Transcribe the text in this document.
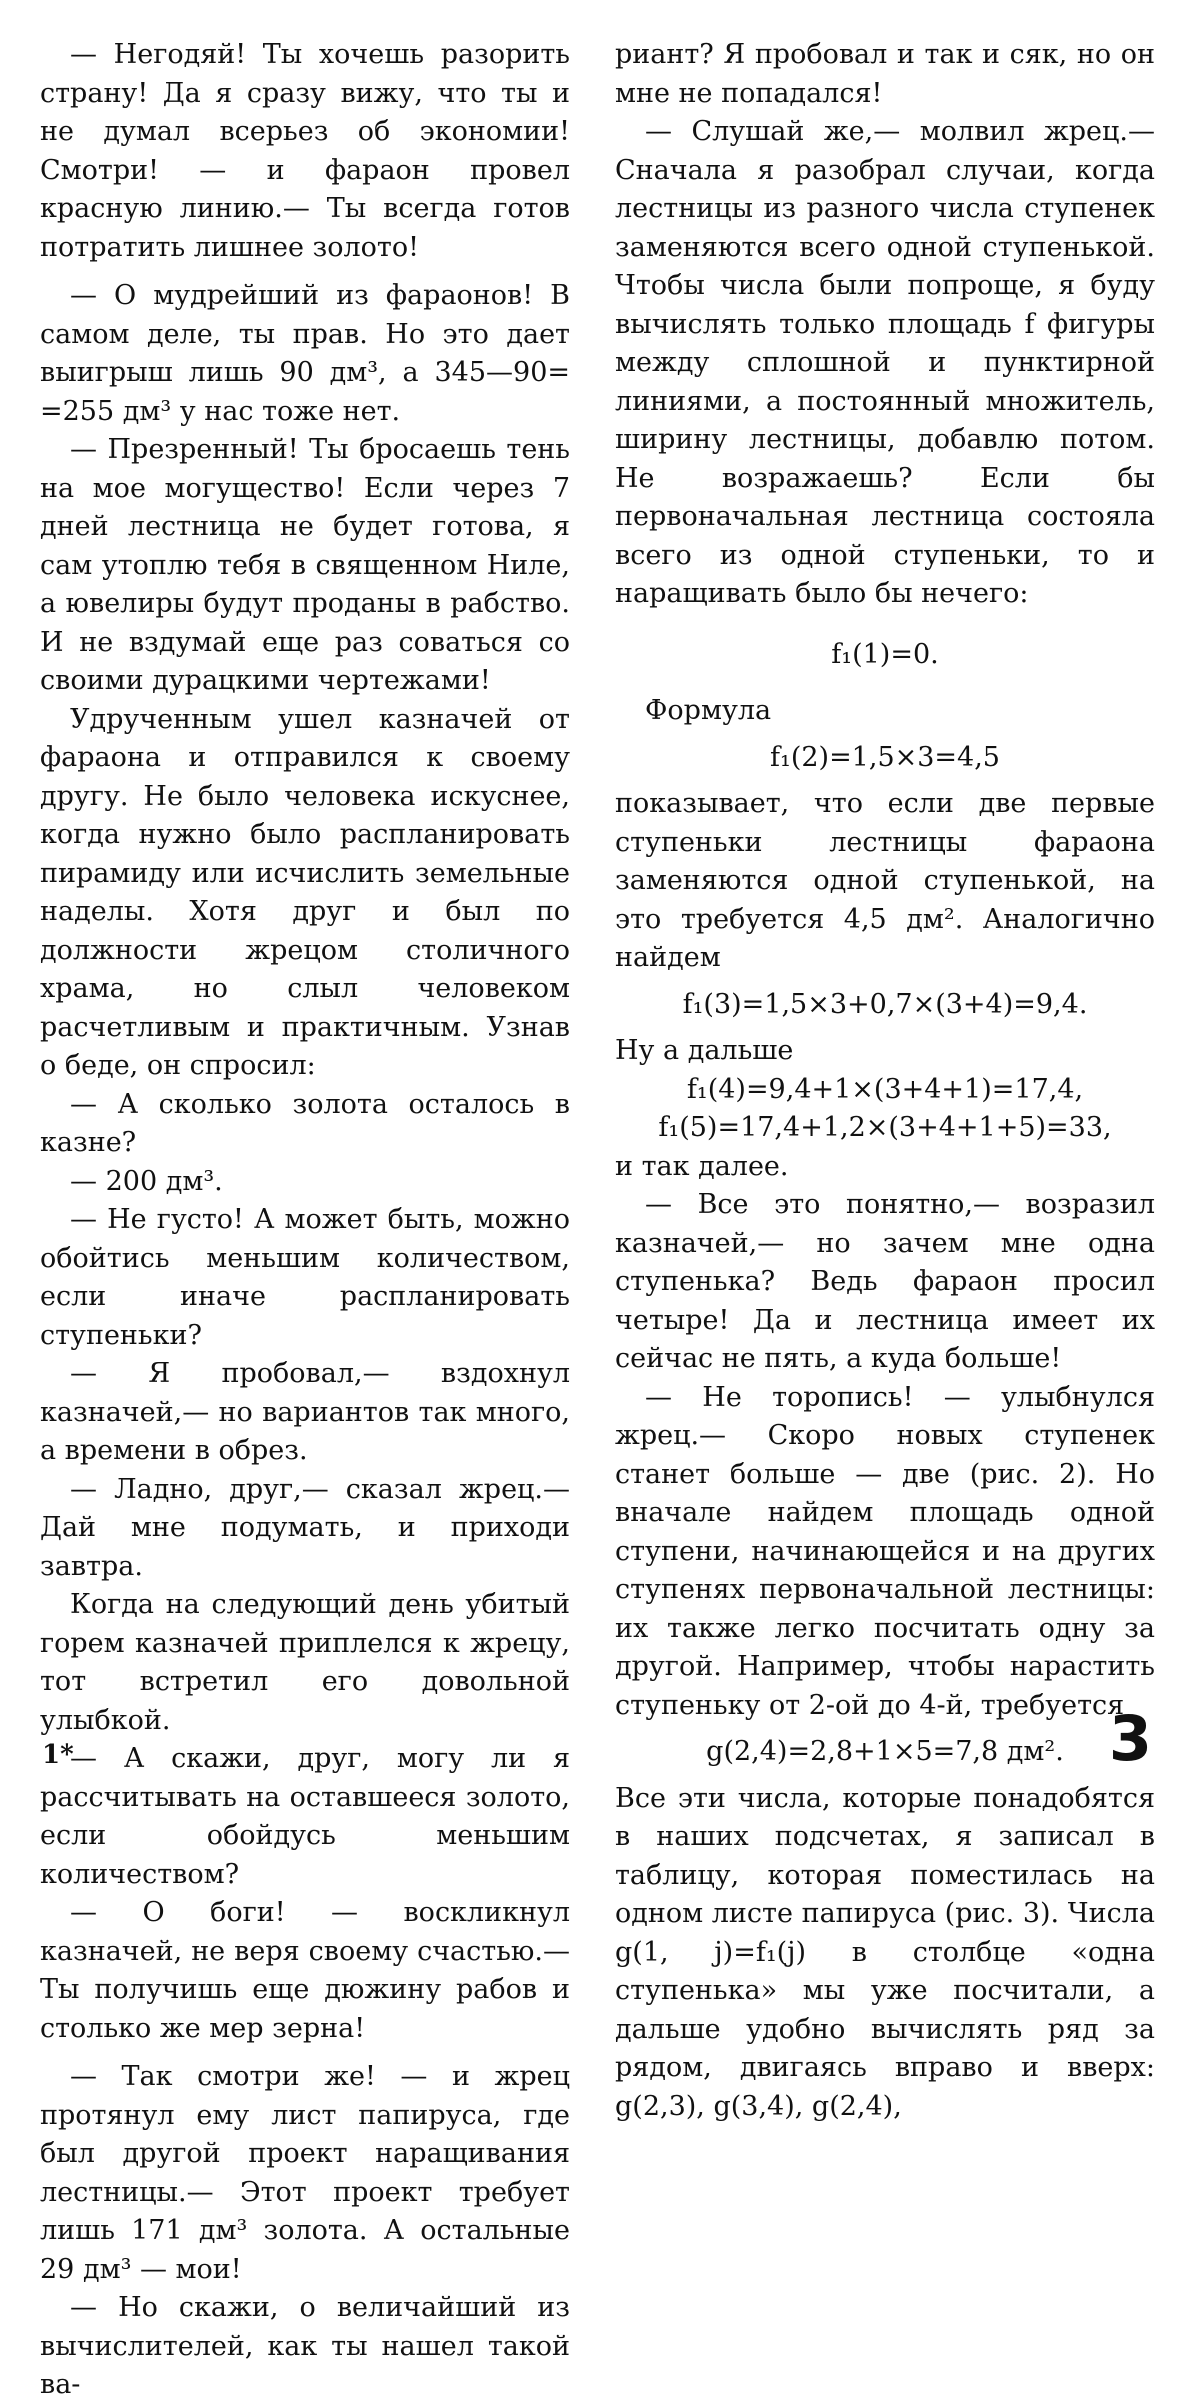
— Негодяй! Ты хочешь разорить страну! Да я сразу вижу, что ты и не думал всерьез об экономии! Смотри! — и фараон провел красную линию.— Ты всегда готов потратить лишнее золото!

— О мудрейший из фараонов! В самом деле, ты прав. Но это дает выигрыш лишь 90 дм³, а 345—90= =255 дм³ у нас тоже нет.

— Презренный! Ты бросаешь тень на мое могущество! Если через 7 дней лестница не будет готова, я сам утоплю тебя в священном Ниле, а ювелиры будут проданы в рабство. И не вздумай еще раз соваться со своими дурацкими чертежами!

Удрученным ушел казначей от фараона и отправился к своему другу. Не было человека искуснее, когда нужно было распланировать пирамиду или исчислить земельные наделы. Хотя друг и был по должности жрецом столичного храма, но слыл человеком расчетливым и практичным. Узнав о беде, он спросил:

— А сколько золота осталось в казне?

— 200 дм³.

— Не густо! А может быть, можно обойтись меньшим количеством, если иначе распланировать ступеньки?

— Я пробовал,— вздохнул казначей,— но вариантов так много, а времени в обрез.

— Ладно, друг,— сказал жрец.— Дай мне подумать, и приходи завтра.

Когда на следующий день убитый горем казначей приплелся к жрецу, тот встретил его довольной улыбкой.

— А скажи, друг, могу ли я рассчитывать на оставшееся золото, если обойдусь меньшим количеством?

— О боги! — воскликнул казначей, не веря своему счастью.— Ты получишь еще дюжину рабов и столько же мер зерна!

— Так смотри же! — и жрец протянул ему лист папируса, где был другой проект наращивания лестницы.— Этот проект требует лишь 171 дм³ золота. А остальные 29 дм³ — мои!

— Но скажи, о величайший из вычислителей, как ты нашел такой ва-

риант? Я пробовал и так и сяк, но он мне не попадался!

— Слушай же,— молвил жрец.— Сначала я разобрал случаи, когда лестницы из разного числа ступенек заменяются всего одной ступенькой. Чтобы числа были попроще, я буду вычислять только площадь f фигуры между сплошной и пунктирной линиями, а постоянный множитель, ширину лестницы, добавлю потом. Не возражаешь? Если бы первоначальная лестница состояла всего из одной ступеньки, то и наращивать было бы нечего:

f₁(1)=0.

Формула

f₁(2)=1,5×3=4,5

показывает, что если две первые ступеньки лестницы фараона заменяются одной ступенькой, на это требуется 4,5 дм². Аналогично найдем

f₁(3)=1,5×3+0,7×(3+4)=9,4.

Ну а дальше

f₁(4)=9,4+1×(3+4+1)=17,4,

f₁(5)=17,4+1,2×(3+4+1+5)=33,

и так далее.

— Все это понятно,— возразил казначей,— но зачем мне одна ступенька? Ведь фараон просил четыре! Да и лестница имеет их сейчас не пять, а куда больше!

— Не торопись! — улыбнулся жрец.— Скоро новых ступенек станет больше — две (рис. 2). Но вначале найдем площадь одной ступени, начинающейся и на других ступенях первоначальной лестницы: их также легко посчитать одну за другой. Например, чтобы нарастить ступеньку от 2-ой до 4-й, требуется

g(2,4)=2,8+1×5=7,8 дм².

Все эти числа, которые понадобятся в наших подсчетах, я записал в таблицу, которая поместилась на одном листе папируса (рис. 3). Числа g(1, j)=f₁(j) в столбце «одна ступенька» мы уже посчитали, а дальше удобно вычислять ряд за рядом, двигаясь вправо и вверх: g(2,3), g(3,4), g(2,4),

1*	3
